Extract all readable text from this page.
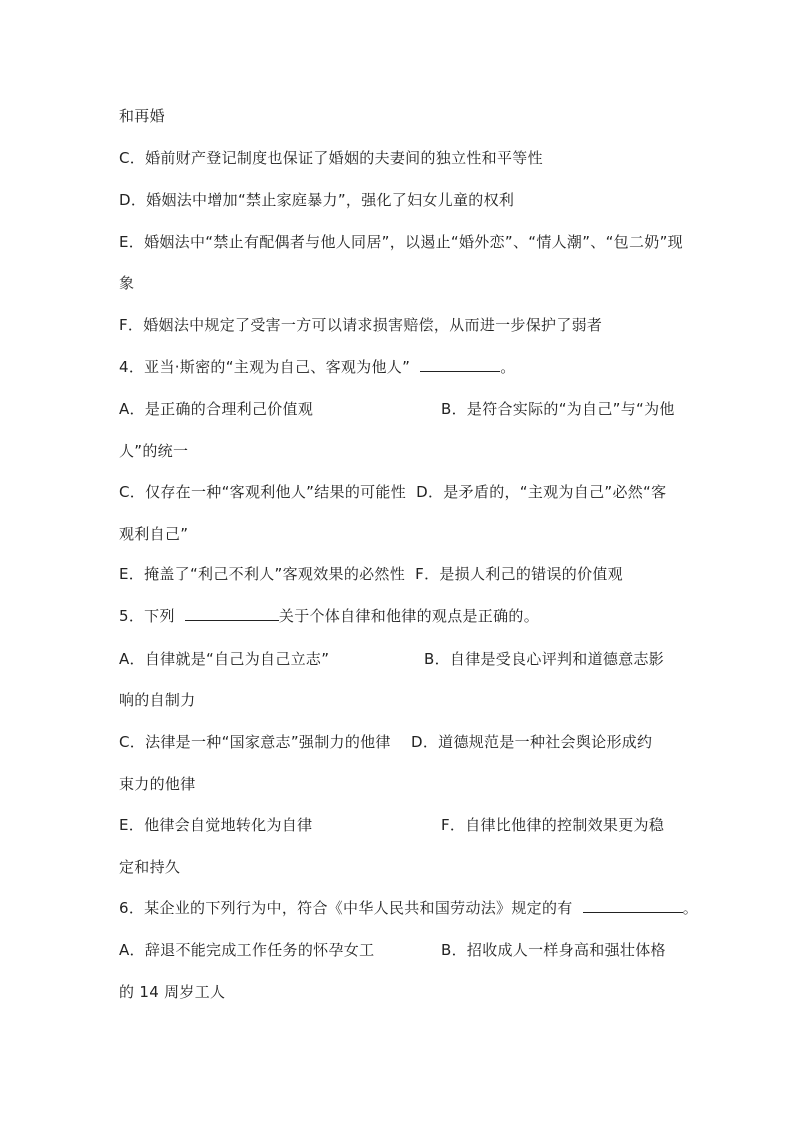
和再婚
C．婚前财产登记制度也保证了婚姻的夫妻间的独立性和平等性
D．婚姻法中增加“禁止家庭暴力”，强化了妇女儿童的权利
E．婚姻法中“禁止有配偶者与他人同居”，以遏止“婚外恋”、“情人潮”、“包二奶”现
象
F．婚姻法中规定了受害一方可以请求损害赔偿，从而进一步保护了弱者
4．亚当·斯密的“主观为自己、客观为他人”	。
A．是正确的合理利己价值观	B．是符合实际的“为自己”与“为他
人”的统一
C．仅存在一种“客观利他人”结果的可能性  D．是矛盾的，“主观为自己”必然“客
观利自己”
E．掩盖了“利己不利人”客观效果的必然性  F．是损人利己的错误的价值观
5．下列	关于个体自律和他律的观点是正确的。
A．自律就是“自己为自己立志”	B．自律是受良心评判和道德意志影
响的自制力
C．法律是一种“国家意志”强制力的他律    D．道德规范是一种社会舆论形成约
束力的他律
E．他律会自觉地转化为自律	F．自律比他律的控制效果更为稳
定和持久
6．某企业的下列行为中，符合《中华人民共和国劳动法》规定的有	。
A．辞退不能完成工作任务的怀孕女工	B．招收成人一样身高和强壮体格
的 14 周岁工人
